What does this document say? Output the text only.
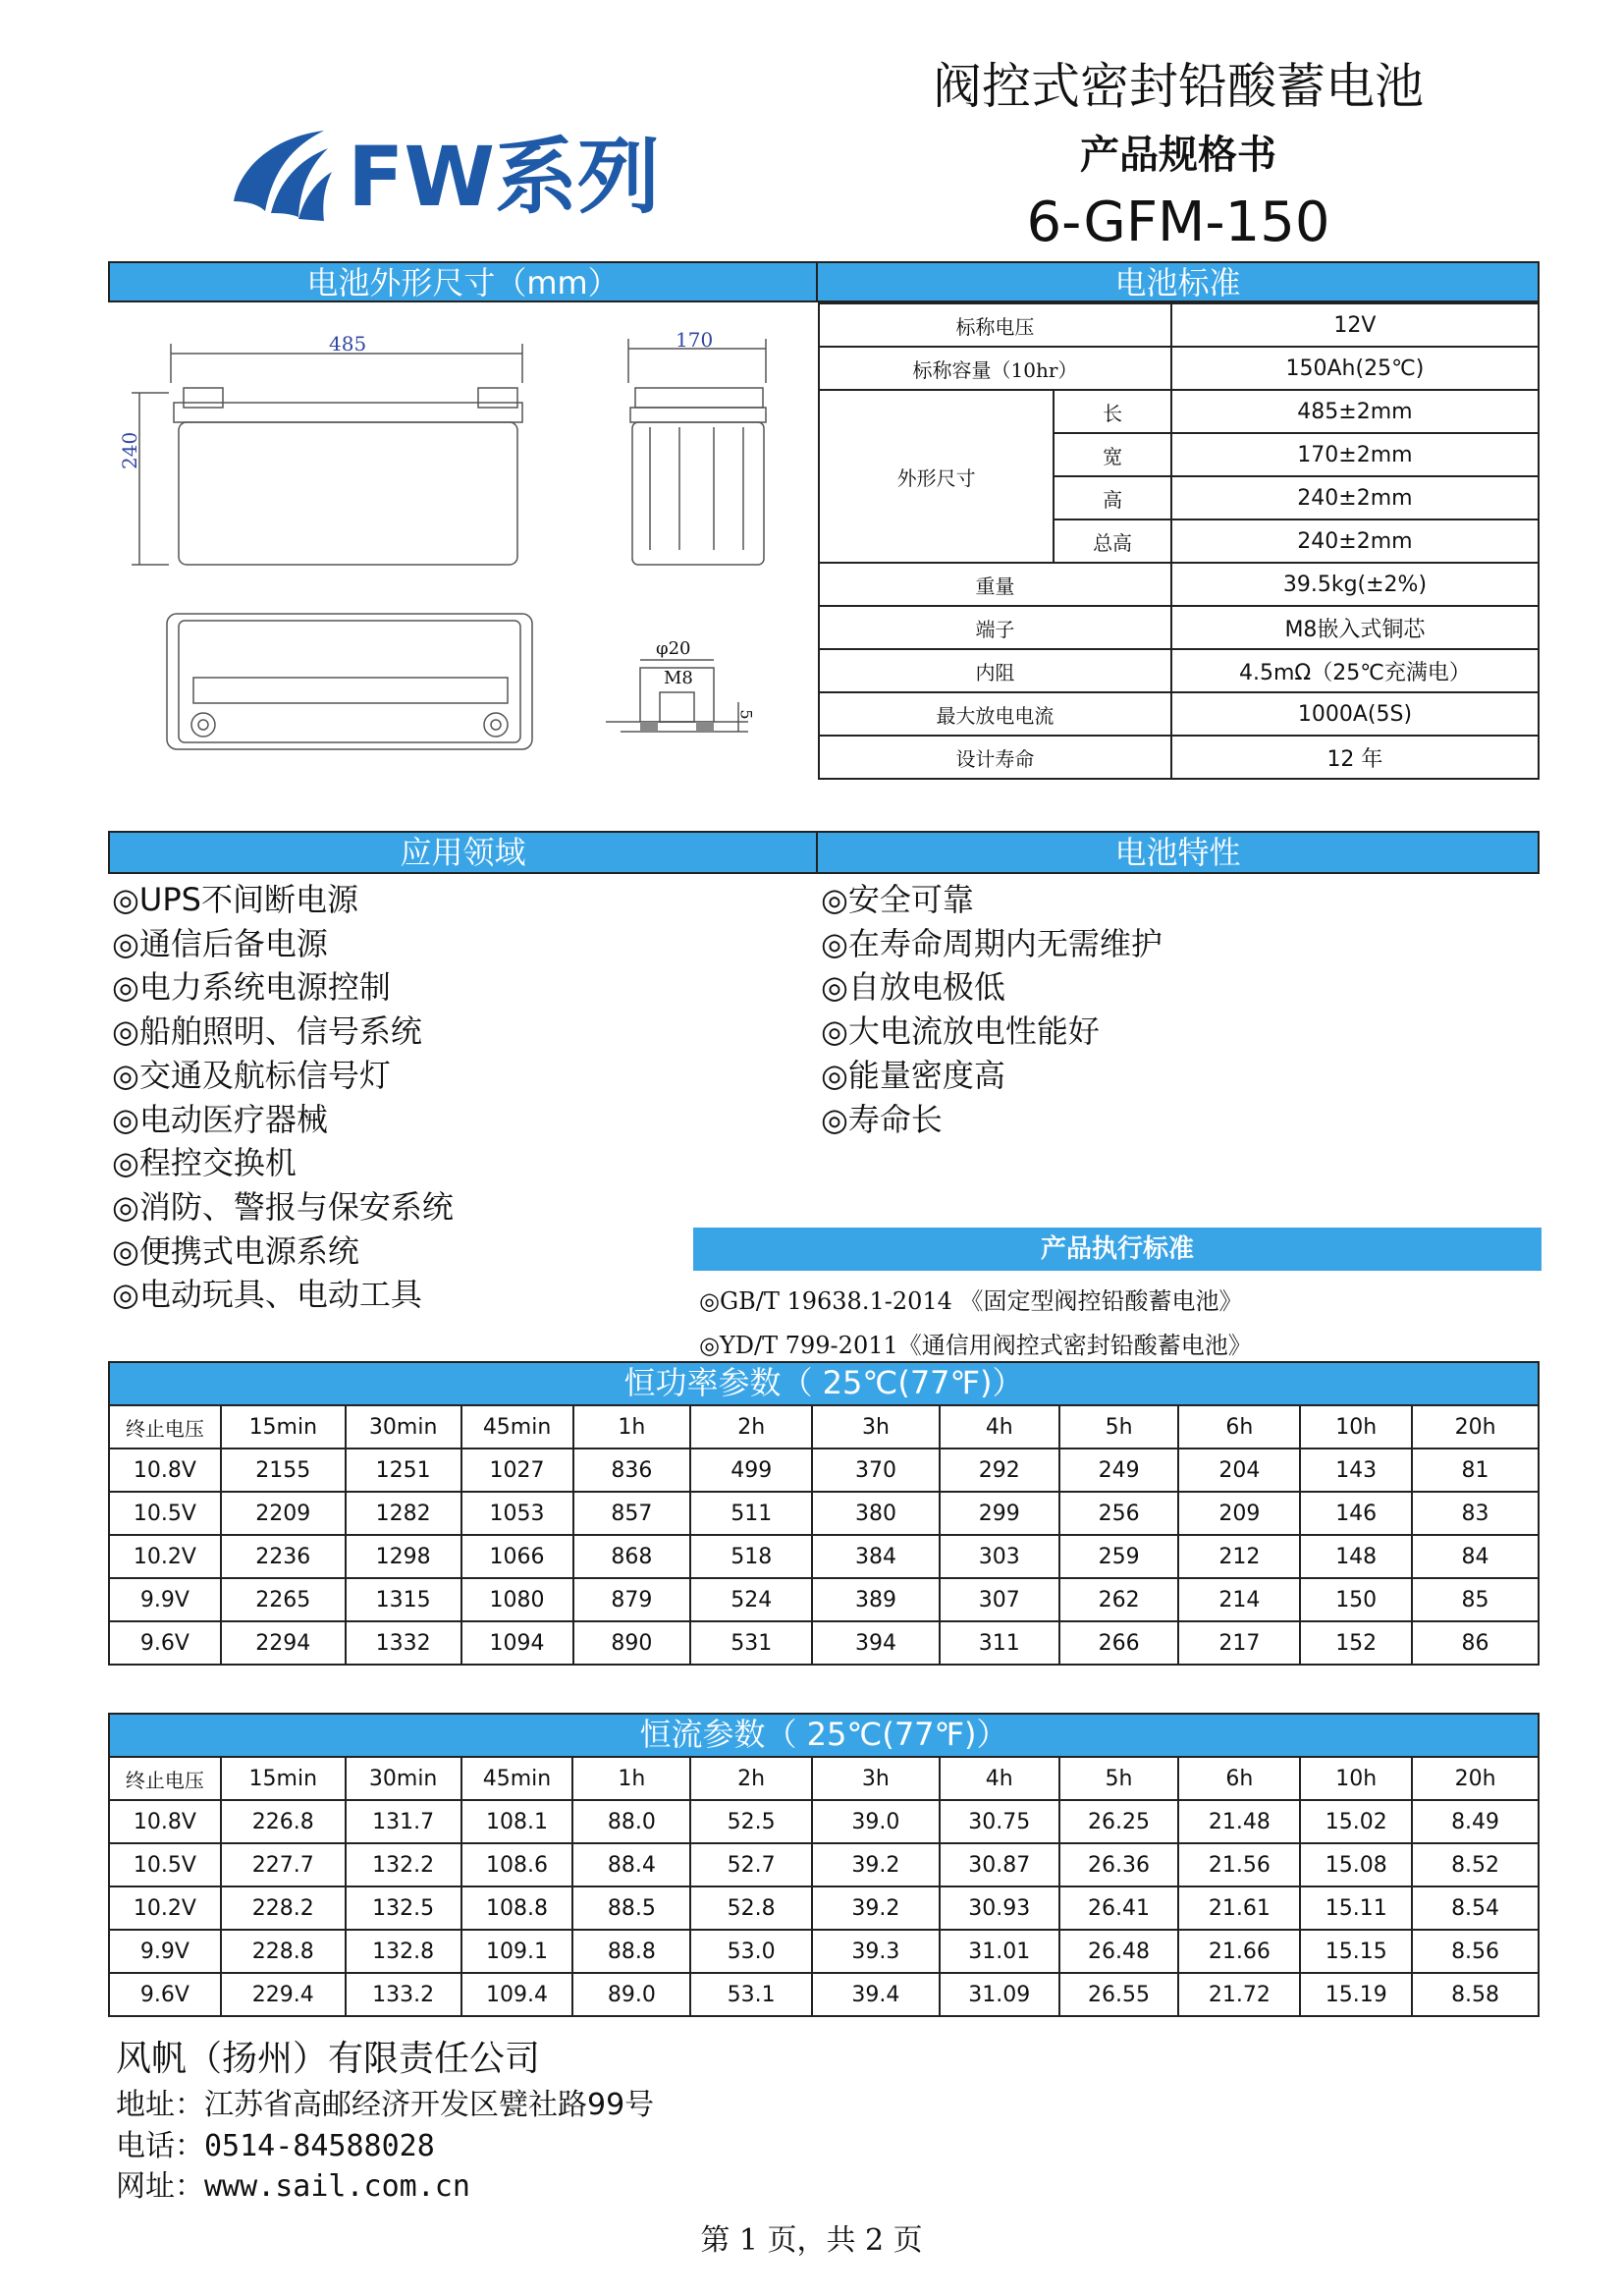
FW系列
阀控式密封铅酸蓄电池
产品规格书
6-GFM-150
电池外形尺寸（mm）	电池标准
485	170
240
φ20
M8
5
标称电压		12V
标称容量（10hr）		150Ah(25℃)
外形尺寸	长	485±2mm
	宽	170±2mm
	高	240±2mm
	总高	240±2mm
重量		39.5kg(±2%)
端子		M8嵌入式铜芯
内阻		4.5mΩ（25℃充满电）
最大放电电流		1000A(5S)
设计寿命		12 年
应用领域	电池特性
◎UPS不间断电源
◎通信后备电源
◎电力系统电源控制
◎船舶照明、信号系统
◎交通及航标信号灯
◎电动医疗器械
◎程控交换机
◎消防、警报与保安系统
◎便携式电源系统
◎电动玩具、电动工具
◎安全可靠
◎在寿命周期内无需维护
◎自放电极低
◎大电流放电性能好
◎能量密度高
◎寿命长
产品执行标准
◎GB/T 19638.1-2014 《固定型阀控铅酸蓄电池》
◎YD/T 799-2011《通信用阀控式密封铅酸蓄电池》
恒功率参数（ 25℃(77℉)）
终止电压	15min	30min	45min	1h	2h	3h	4h	5h	6h	10h	20h
10.8V	2155	1251	1027	836	499	370	292	249	204	143	81
10.5V	2209	1282	1053	857	511	380	299	256	209	146	83
10.2V	2236	1298	1066	868	518	384	303	259	212	148	84
9.9V	2265	1315	1080	879	524	389	307	262	214	150	85
9.6V	2294	1332	1094	890	531	394	311	266	217	152	86
恒流参数（ 25℃(77℉)）
终止电压	15min	30min	45min	1h	2h	3h	4h	5h	6h	10h	20h
10.8V	226.8	131.7	108.1	88.0	52.5	39.0	30.75	26.25	21.48	15.02	8.49
10.5V	227.7	132.2	108.6	88.4	52.7	39.2	30.87	26.36	21.56	15.08	8.52
10.2V	228.2	132.5	108.8	88.5	52.8	39.2	30.93	26.41	21.61	15.11	8.54
9.9V	228.8	132.8	109.1	88.8	53.0	39.3	31.01	26.48	21.66	15.15	8.56
9.6V	229.4	133.2	109.4	89.0	53.1	39.4	31.09	26.55	21.72	15.19	8.58
风帆（扬州）有限责任公司
地址：江苏省高邮经济开发区甓社路99号
电话：0514-84588028
网址：www.sail.com.cn
第 1 页，共 2 页
